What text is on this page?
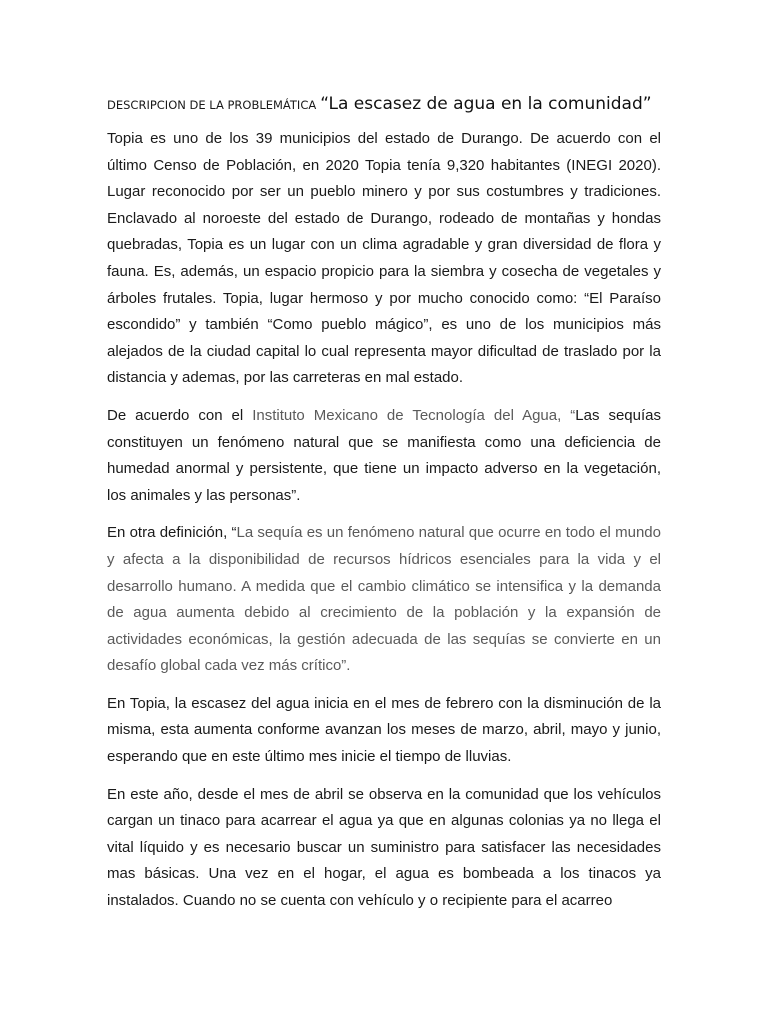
DESCRIPCION DE LA PROBLEMÁTICA “La escasez de agua en la comunidad”

Topia es uno de los 39 municipios del estado de Durango. De acuerdo con el último Censo de Población, en 2020 Topia tenía 9,320 habitantes (INEGI 2020). Lugar reconocido por ser un pueblo minero y por sus costumbres y tradiciones. Enclavado al noroeste del estado de Durango, rodeado de montañas y hondas quebradas, Topia es un lugar con un clima agradable y gran diversidad de flora y fauna. Es, además, un espacio propicio para la siembra y cosecha de vegetales y árboles frutales. Topia, lugar hermoso y por mucho conocido como: “El Paraíso escondido” y también “Como pueblo mágico”, es uno de los municipios más alejados de la ciudad capital lo cual representa mayor dificultad de traslado por la distancia y ademas, por las carreteras en mal estado.

De acuerdo con el Instituto Mexicano de Tecnología del Agua, “Las sequías constituyen un fenómeno natural que se manifiesta como una deficiencia de humedad anormal y persistente, que tiene un impacto adverso en la vegetación, los animales y las personas”.

En otra definición, “La sequía es un fenómeno natural que ocurre en todo el mundo y afecta a la disponibilidad de recursos hídricos esenciales para la vida y el desarrollo humano. A medida que el cambio climático se intensifica y la demanda de agua aumenta debido al crecimiento de la población y la expansión de actividades económicas, la gestión adecuada de las sequías se convierte en un desafío global cada vez más crítico”.

En Topia, la escasez del agua inicia en el mes de febrero con la disminución de la misma, esta aumenta conforme avanzan los meses de marzo, abril, mayo y junio, esperando que en este último mes inicie el tiempo de lluvias.

En este año, desde el mes de abril se observa en la comunidad que los vehículos cargan un tinaco para acarrear el agua ya que en algunas colonias ya no llega el vital líquido y es necesario buscar un suministro para satisfacer las necesidades mas básicas. Una vez en el hogar, el agua es bombeada a los tinacos ya instalados. Cuando no se cuenta con vehículo y o recipiente para el acarreo
